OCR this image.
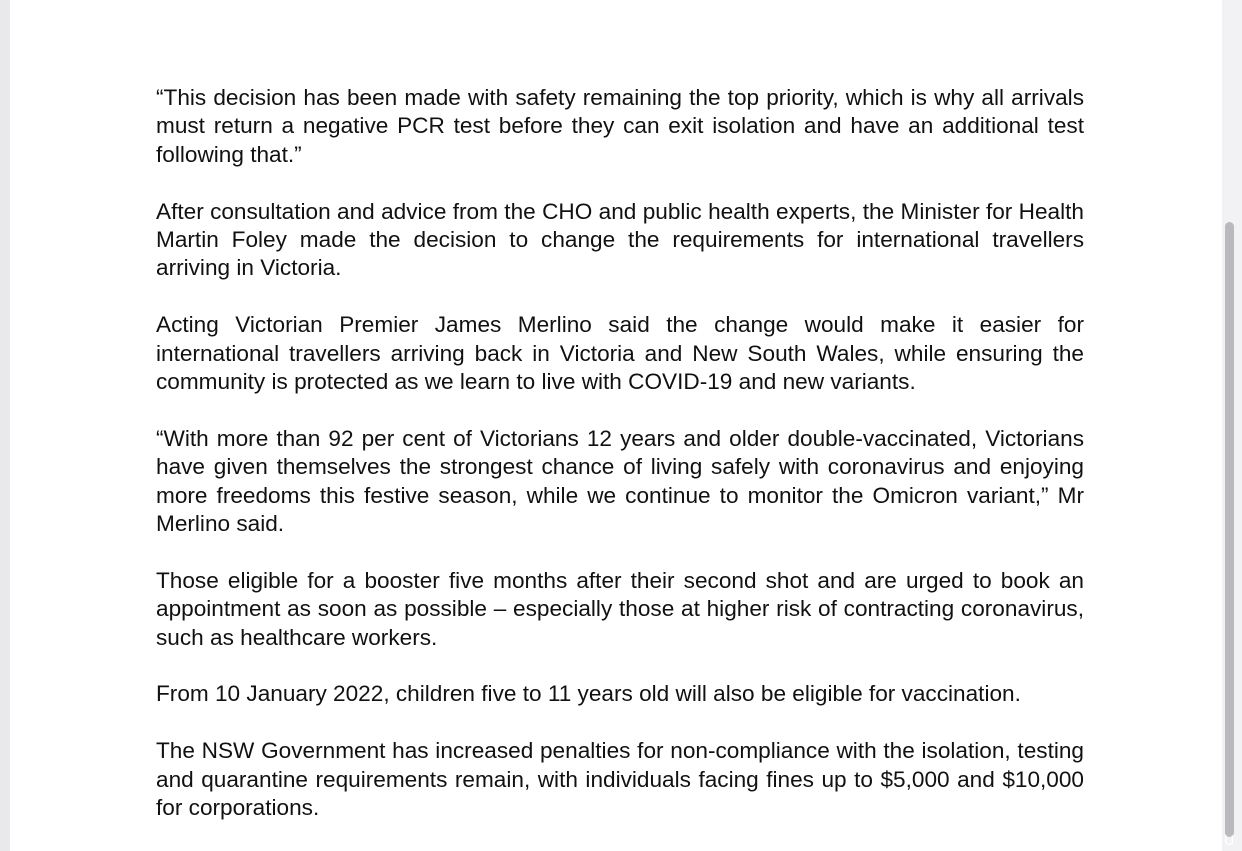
“This decision has been made with safety remaining the top priority, which is why all arrivals must return a negative PCR test before they can exit isolation and have an additional test following that.”

After consultation and advice from the CHO and public health experts, the Minister for Health Martin Foley made the decision to change the requirements for international travellers arriving in Victoria.

Acting Victorian Premier James Merlino said the change would make it easier for international travellers arriving back in Victoria and New South Wales, while ensuring the community is protected as we learn to live with COVID-19 and new variants.

“With more than 92 per cent of Victorians 12 years and older double-vaccinated, Victorians have given themselves the strongest chance of living safely with coronavirus and enjoying more freedoms this festive season, while we continue to monitor the Omicron variant,” Mr Merlino said.

Those eligible for a booster five months after their second shot and are urged to book an appointment as soon as possible – especially those at higher risk of contracting coronavirus, such as healthcare workers.

From 10 January 2022, children five to 11 years old will also be eligible for vaccination.

The NSW Government has increased penalties for non-compliance with the isolation, testing and quarantine requirements remain, with individuals facing fines up to $5,000 and $10,000 for corporations.

U
